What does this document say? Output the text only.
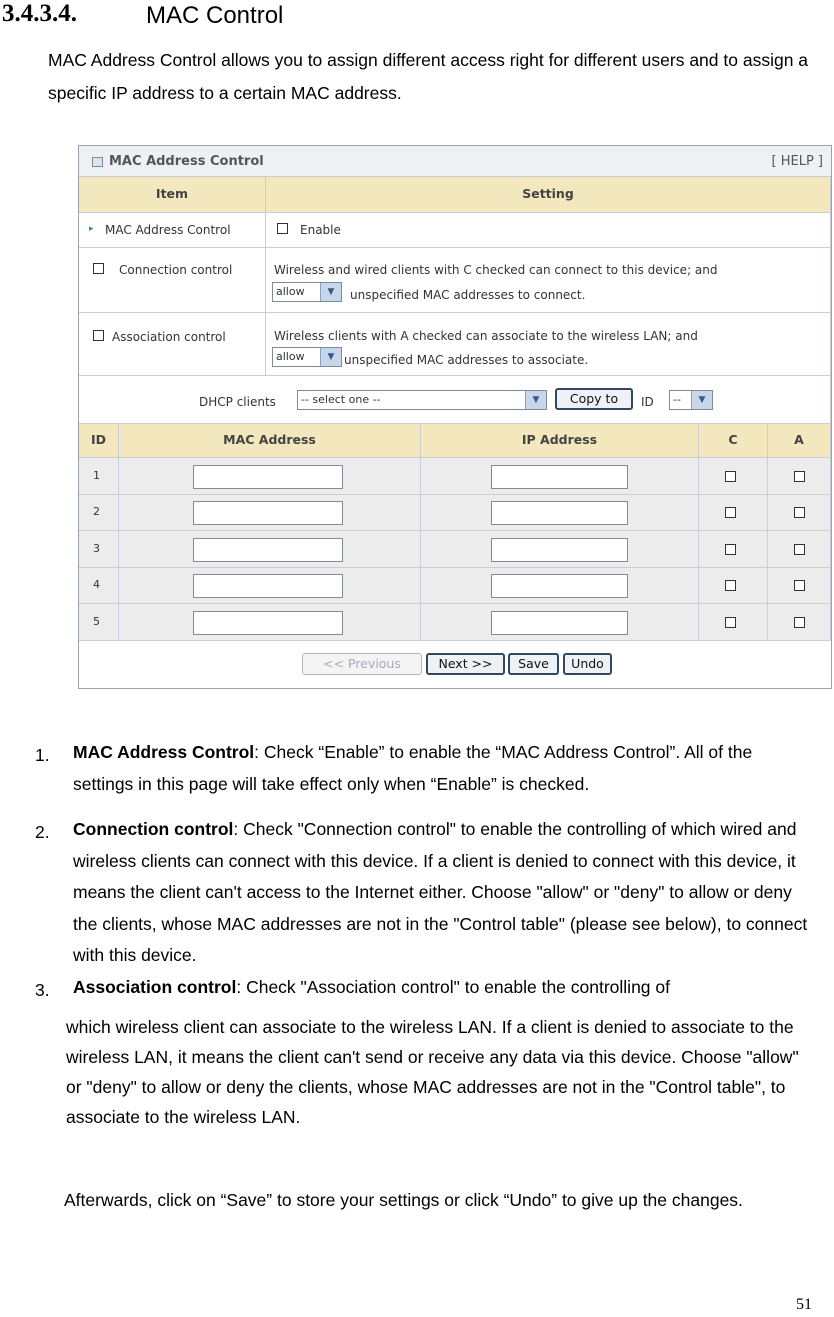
3.4.3.4.	MAC Control
MAC Address Control allows you to assign different access right for different users and to assign a specific IP address to a certain MAC address.
MAC Address Control	[ HELP ]
Item	Setting
▸ MAC Address Control	Enable
Connection control	Wireless and wired clients with C checked can connect to this device; and
allow	▼	unspecified MAC addresses to connect.
Association control	Wireless clients with A checked can associate to the wireless LAN; and
allow	▼ unspecified MAC addresses to associate.
DHCP clients	-- select one --	▼	Copy to	ID	--	▼
ID	MAC Address	IP Address	C	A
1
2
3
4
5
<< Previous	Next >>	Save	Undo
1. MAC Address Control: Check “Enable” to enable the “MAC Address Control”. All of the settings in this page will take effect only when “Enable” is checked.
2. Connection control: Check "Connection control" to enable the controlling of which wired and wireless clients can connect with this device. If a client is denied to connect with this device, it means the client can't access to the Internet either. Choose "allow" or "deny" to allow or deny the clients, whose MAC addresses are not in the "Control table" (please see below), to connect with this device.
3. Association control: Check "Association control" to enable the controlling of
which wireless client can associate to the wireless LAN. If a client is denied to associate to the wireless LAN, it means the client can't send or receive any data via this device. Choose "allow" or "deny" to allow or deny the clients, whose MAC addresses are not in the "Control table", to associate to the wireless LAN.
Afterwards, click on “Save” to store your settings or click “Undo” to give up the changes.
51
